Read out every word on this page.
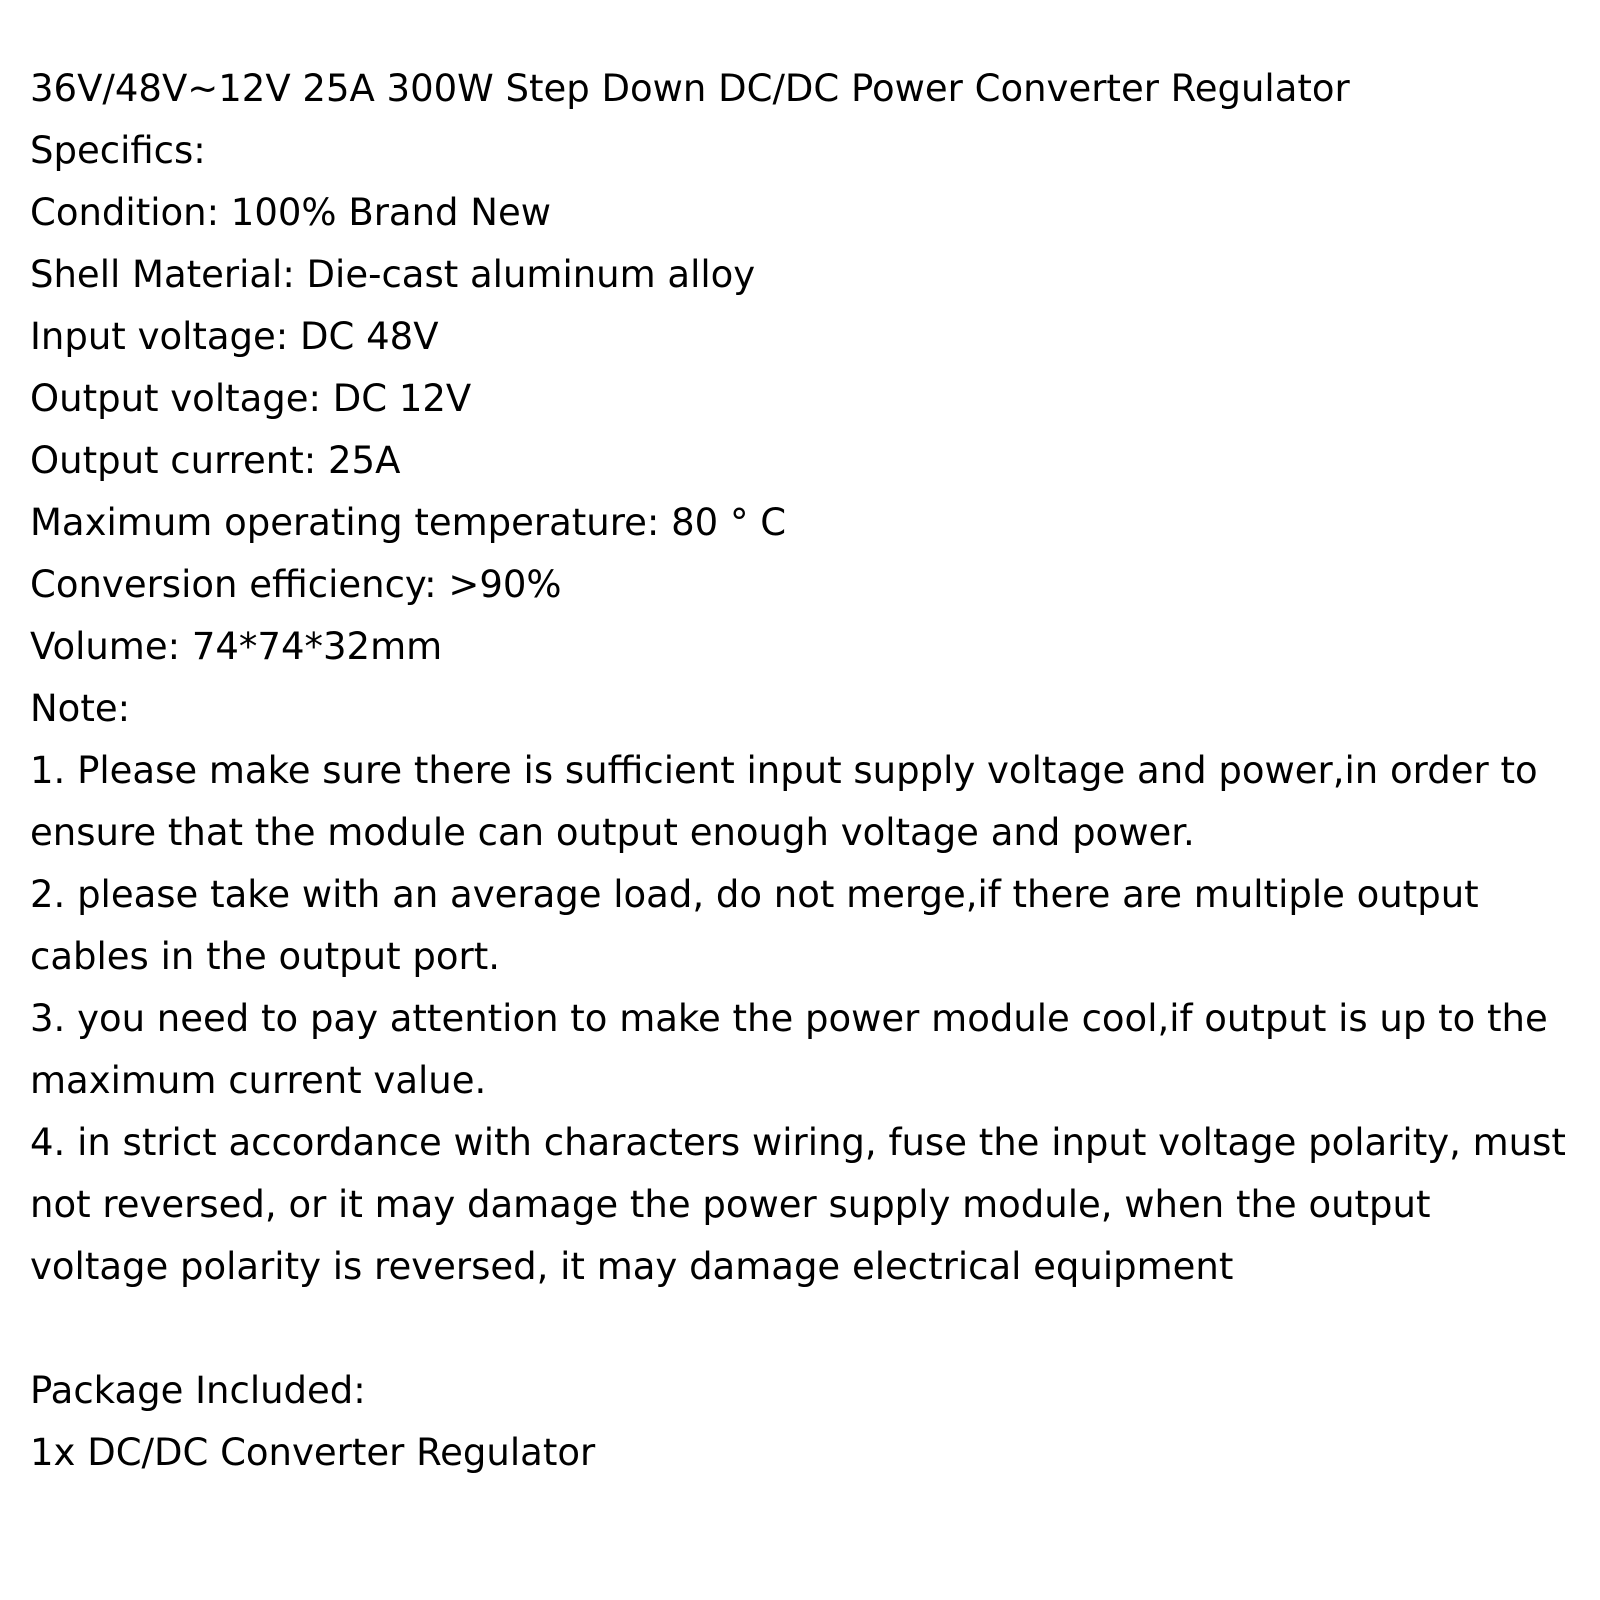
36V/48V~12V 25A 300W Step Down DC/DC Power Converter Regulator
Specifics:
Condition: 100% Brand New
Shell Material: Die-cast aluminum alloy
Input voltage: DC 48V
Output voltage: DC 12V
Output current: 25A
Maximum operating temperature: 80 ° C
Conversion efficiency: >90%
Volume: 74*74*32mm
Note:
1. Please make sure there is sufficient input supply voltage and power,in order to ensure that the module can output enough voltage and power.
2. please take with an average load, do not merge,if there are multiple output cables in the output port.
3. you need to pay attention to make the power module cool,if output is up to the maximum current value.
4. in strict accordance with characters wiring, fuse the input voltage polarity, must not reversed, or it may damage the power supply module, when the output voltage polarity is reversed, it may damage electrical equipment
Package Included:
1x DC/DC Converter Regulator
